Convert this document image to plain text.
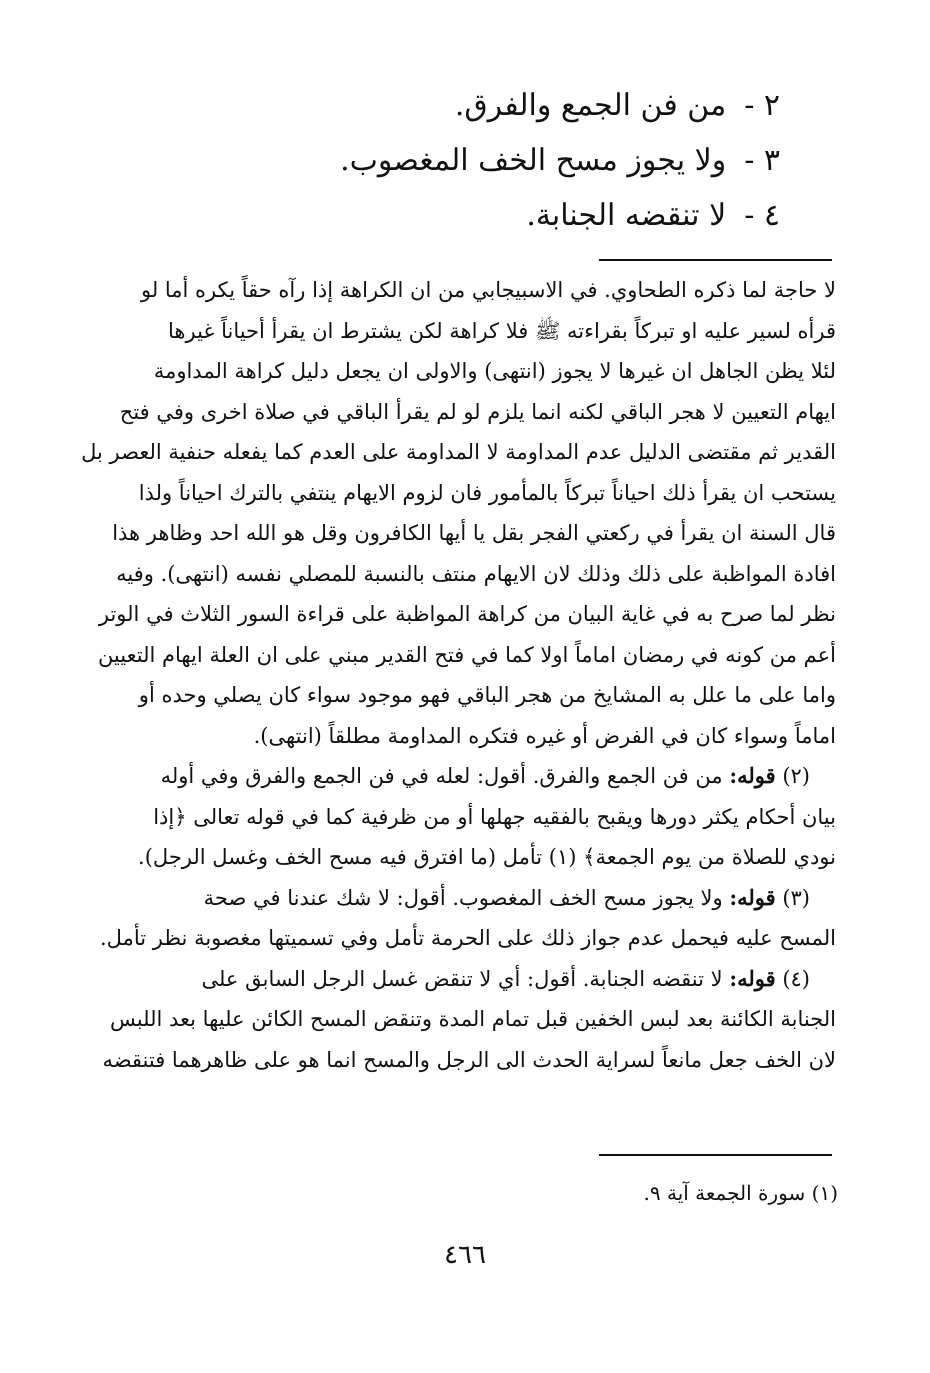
٢ -من فن الجمع والفرق.
٣ -ولا يجوز مسح الخف المغصوب.
٤ -لا تنقضه الجنابة.
لا حاجة لما ذكره الطحاوي. في الاسبيجابي من ان الكراهة إذا رآه حقاً يكره أما لو
قرأه لسير عليه او تبركاً بقراءته ﷺ فلا كراهة لكن يشترط ان يقرأ أحياناً غيرها
لئلا يظن الجاهل ان غيرها لا يجوز (انتهى) والاولى ان يجعل دليل كراهة المداومة
ايهام التعيين لا هجر الباقي لكنه انما يلزم لو لم يقرأ الباقي في صلاة اخرى وفي فتح
القدير ثم مقتضى الدليل عدم المداومة لا المداومة على العدم كما يفعله حنفية العصر بل
يستحب ان يقرأ ذلك احياناً تبركاً بالمأمور فان لزوم الايهام ينتفي بالترك احياناً ولذا
قال السنة ان يقرأ في ركعتي الفجر بقل يا أيها الكافرون وقل هو الله احد وظاهر هذا
افادة المواظبة على ذلك وذلك لان الايهام منتف بالنسبة للمصلي نفسه (انتهى). وفيه
نظر لما صرح به في غاية البيان من كراهة المواظبة على قراءة السور الثلاث في الوتر
أعم من كونه في رمضان اماماً اولا كما في فتح القدير مبني على ان العلة ايهام التعيين
واما على ما علل به المشايخ من هجر الباقي فهو موجود سواء كان يصلي وحده أو
اماماً وسواء كان في الفرض أو غيره فتكره المداومة مطلقاً (انتهى).
(٢) قوله: من فن الجمع والفرق. أقول: لعله في فن الجمع والفرق وفي أوله
بيان أحكام يكثر دورها ويقبح بالفقيه جهلها أو من ظرفية كما في قوله تعالى ﴿إذا
نودي للصلاة من يوم الجمعة﴾ (١) تأمل (ما افترق فيه مسح الخف وغسل الرجل).
(٣) قوله: ولا يجوز مسح الخف المغصوب. أقول: لا شك عندنا في صحة
المسح عليه فيحمل عدم جواز ذلك على الحرمة تأمل وفي تسميتها مغصوبة نظر تأمل.
(٤) قوله: لا تنقضه الجنابة. أقول: أي لا تنقض غسل الرجل السابق على
الجنابة الكائنة بعد لبس الخفين قبل تمام المدة وتنقض المسح الكائن عليها بعد اللبس
لان الخف جعل مانعاً لسراية الحدث الى الرجل والمسح انما هو على ظاهرهما فتنقضه
(١) سورة الجمعة آية ٩.
٤٦٦
